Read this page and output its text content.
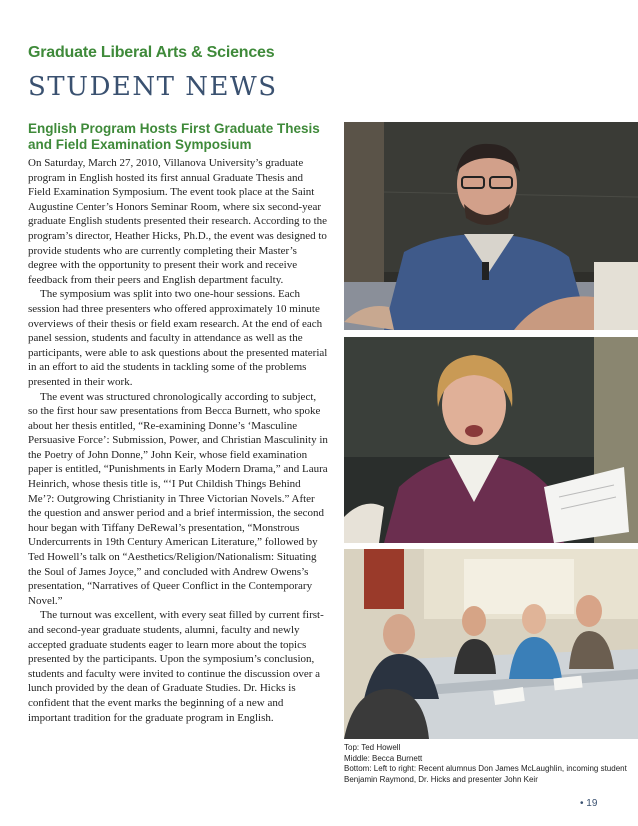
Graduate Liberal Arts & Sciences
STUDENT NEWS
English Program Hosts First Graduate Thesis and Field Examination Symposium

On Saturday, March 27, 2010, Villanova University’s graduate program in English hosted its first annual Graduate Thesis and Field Examination Symposium. The event took place at the Saint Augustine Center’s Honors Seminar Room, where six second-year graduate English students presented their research. According to the program’s director, Heather Hicks, Ph.D., the event was designed to provide students who are currently completing their Master’s degree with the opportunity to present their work and receive feedback from their peers and English department faculty.

The symposium was split into two one-hour sessions. Each session had three presenters who offered approximately 10 minute overviews of their thesis or field exam research. At the end of each panel session, students and faculty in attendance as well as the participants, were able to ask questions about the presented material in an effort to aid the students in tackling some of the problems presented in their work.

The event was structured chronologically according to subject, so the first hour saw presentations from Becca Burnett, who spoke about her thesis entitled, “Re-examining Donne’s ‘Masculine Persuasive Force’: Submission, Power, and Christian Masculinity in the Poetry of John Donne,” John Keir, whose field examination paper is entitled, “Punishments in Early Modern Drama,” and Laura Heinrich, whose thesis title is, “‘I Put Childish Things Behind Me’?: Outgrowing Christianity in Three Victorian Novels.” After the question and answer period and a brief intermission, the second hour began with Tiffany DeRewal’s presentation, “Monstrous Undercurrents in 19th Century American Literature,” followed by Ted Howell’s talk on “Aesthetics/Religion/Nationalism: Situating the Soul of James Joyce,” and concluded with Andrew Owens’s presentation, “Narratives of Queer Conflict in the Contemporary Novel.”

The turnout was excellent, with every seat filled by current first- and second-year graduate students, alumni, faculty and newly accepted graduate students eager to learn more about the topics presented by the participants. Upon the symposium’s conclusion, students and faculty were invited to continue the discussion over a lunch provided by the dean of Graduate Studies. Dr. Hicks is confident that the event marks the beginning of a new and important tradition for the graduate program in English.

Top: Ted Howell
Middle: Becca Burnett
Bottom: Left to right: Recent alumnus Don James McLaughlin, incoming student Benjamin Raymond, Dr. Hicks and presenter John Keir
• 19
